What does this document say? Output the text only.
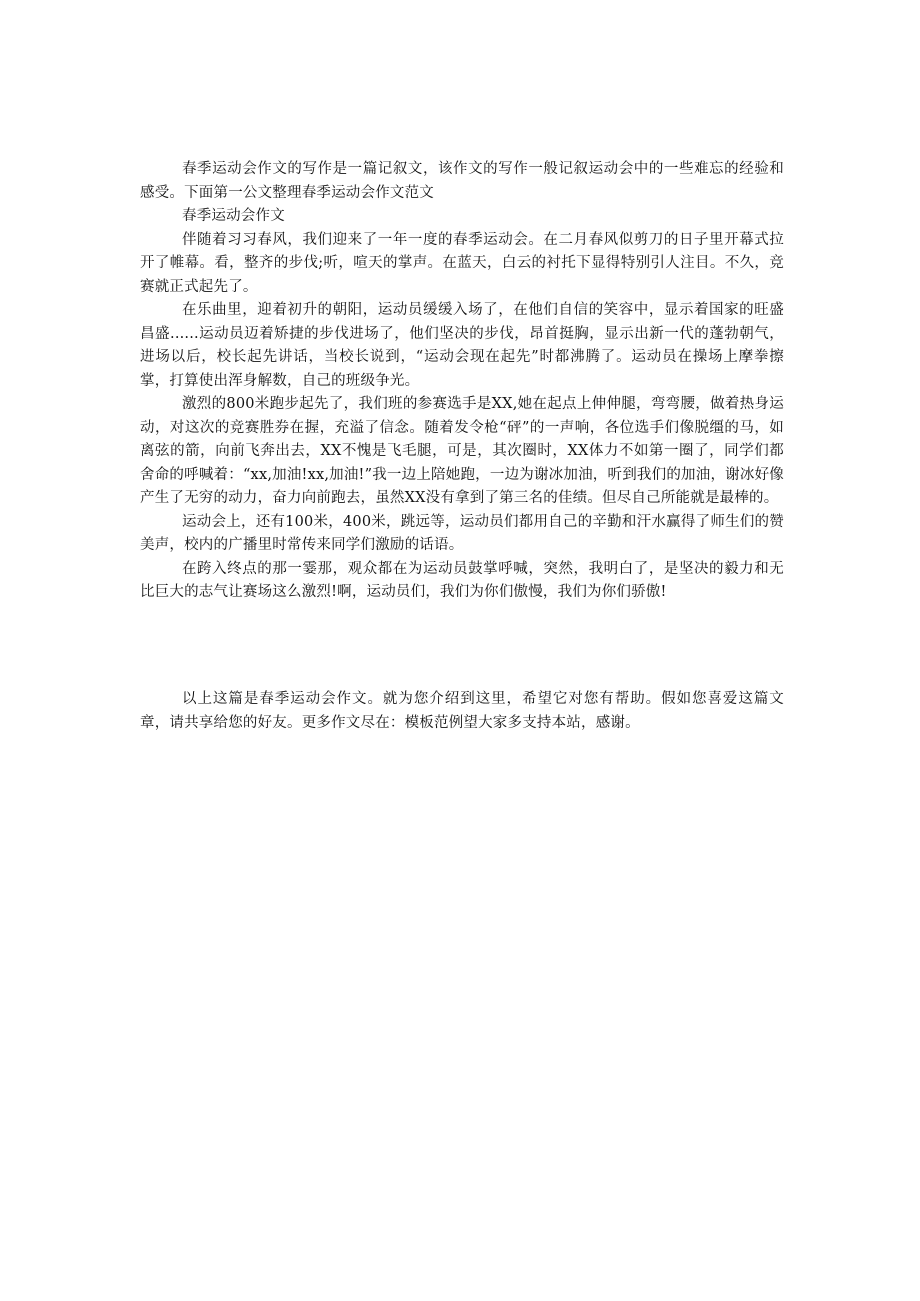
春季运动会作文的写作是一篇记叙文，该作文的写作一般记叙运动会中的一些难忘的经验和感受。下面第一公文整理春季运动会作文范文

春季运动会作文

伴随着习习春风，我们迎来了一年一度的春季运动会。在二月春风似剪刀的日子里开幕式拉开了帷幕。看，整齐的步伐;听，喧天的掌声。在蓝天，白云的衬托下显得特别引人注目。不久，竞赛就正式起先了。

在乐曲里，迎着初升的朝阳，运动员缓缓入场了，在他们自信的笑容中，显示着国家的旺盛昌盛......运动员迈着矫捷的步伐进场了，他们坚决的步伐，昂首挺胸，显示出新一代的蓬勃朝气，进场以后，校长起先讲话，当校长说到，“运动会现在起先”时都沸腾了。运动员在操场上摩拳擦掌，打算使出浑身解数，自己的班级争光。

激烈的800米跑步起先了，我们班的参赛选手是XX,她在起点上伸伸腿，弯弯腰，做着热身运动，对这次的竞赛胜券在握，充溢了信念。随着发令枪“砰”的一声响，各位选手们像脱缰的马，如离弦的箭，向前飞奔出去，XX不愧是飞毛腿，可是，其次圈时，XX体力不如第一圈了，同学们都舍命的呼喊着：“xx,加油!xx,加油!”我一边上陪她跑，一边为谢冰加油，听到我们的加油，谢冰好像产生了无穷的动力，奋力向前跑去，虽然XX没有拿到了第三名的佳绩。但尽自己所能就是最棒的。

运动会上，还有100米，400米，跳远等，运动员们都用自己的辛勤和汗水赢得了师生们的赞美声，校内的广播里时常传来同学们激励的话语。

在跨入终点的那一霎那，观众都在为运动员鼓掌呼喊，突然，我明白了，是坚决的毅力和无比巨大的志气让赛场这么激烈!啊，运动员们，我们为你们傲慢，我们为你们骄傲!

以上这篇是春季运动会作文。就为您介绍到这里，希望它对您有帮助。假如您喜爱这篇文章，请共享给您的好友。更多作文尽在：模板范例望大家多支持本站，感谢。
